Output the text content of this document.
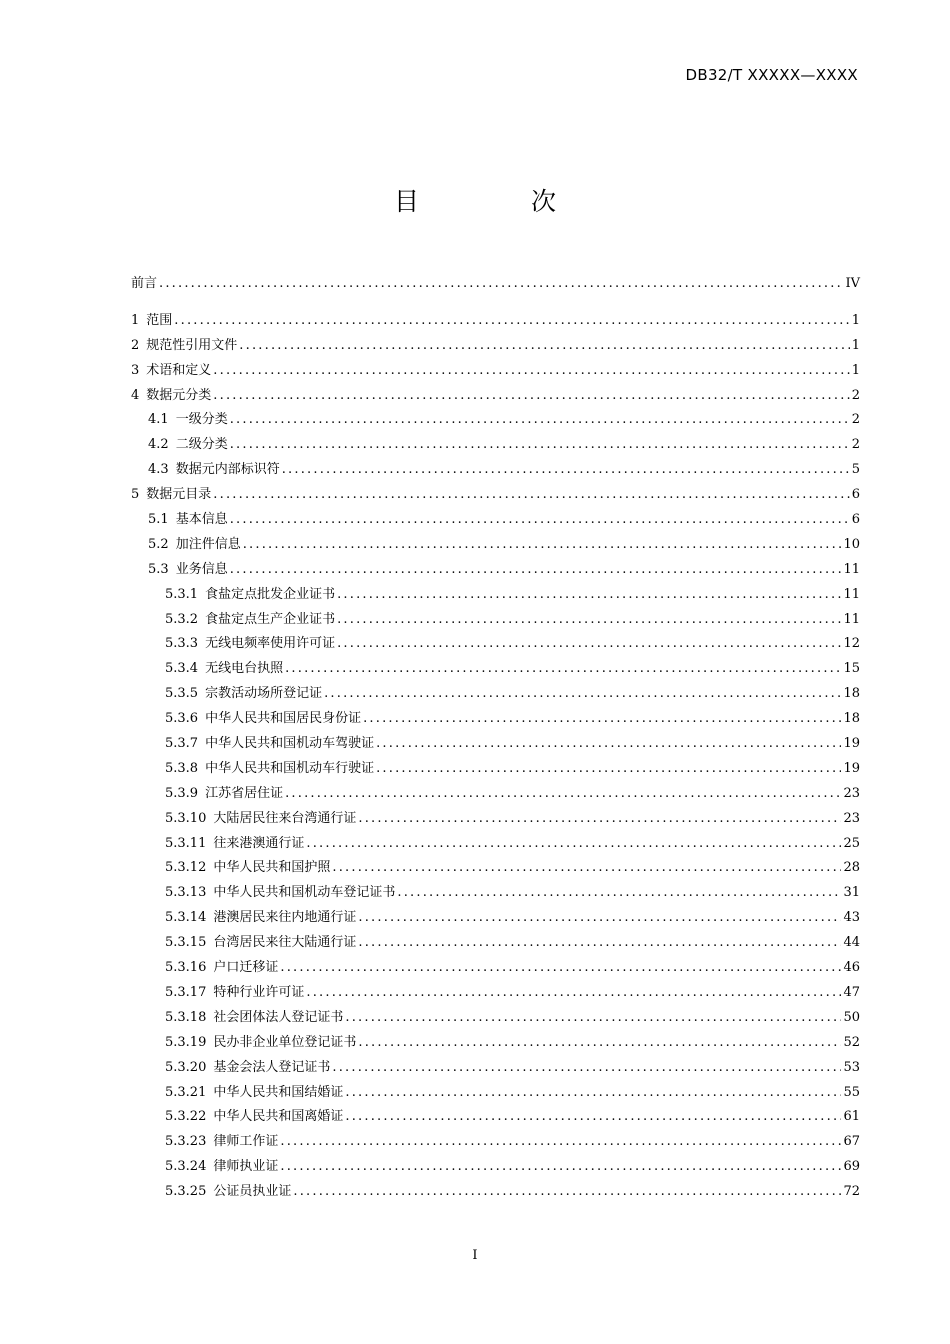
DB32/T XXXXX—XXXX
目 次
前言 .....	IV
1 范围 .....	1
2 规范性引用文件 .....	1
3 术语和定义 .....	1
4 数据元分类 .....	2
4.1 一级分类 .....	2
4.2 二级分类 .....	2
4.3 数据元内部标识符 .....	5
5 数据元目录 .....	6
5.1 基本信息 .....	6
5.2 加注件信息 .....	10
5.3 业务信息 .....	11
5.3.1 食盐定点批发企业证书 .....	11
5.3.2 食盐定点生产企业证书 .....	11
5.3.3 无线电频率使用许可证 .....	12
5.3.4 无线电台执照 .....	15
5.3.5 宗教活动场所登记证 .....	18
5.3.6 中华人民共和国居民身份证 .....	18
5.3.7 中华人民共和国机动车驾驶证 .....	19
5.3.8 中华人民共和国机动车行驶证 .....	19
5.3.9 江苏省居住证 .....	23
5.3.10 大陆居民往来台湾通行证 .....	23
5.3.11 往来港澳通行证 .....	25
5.3.12 中华人民共和国护照 .....	28
5.3.13 中华人民共和国机动车登记证书 .....	31
5.3.14 港澳居民来往内地通行证 .....	43
5.3.15 台湾居民来往大陆通行证 .....	44
5.3.16 户口迁移证 .....	46
5.3.17 特种行业许可证 .....	47
5.3.18 社会团体法人登记证书 .....	50
5.3.19 民办非企业单位登记证书 .....	52
5.3.20 基金会法人登记证书 .....	53
5.3.21 中华人民共和国结婚证 .....	55
5.3.22 中华人民共和国离婚证 .....	61
5.3.23 律师工作证 .....	67
5.3.24 律师执业证 .....	69
5.3.25 公证员执业证 .....	72
I
